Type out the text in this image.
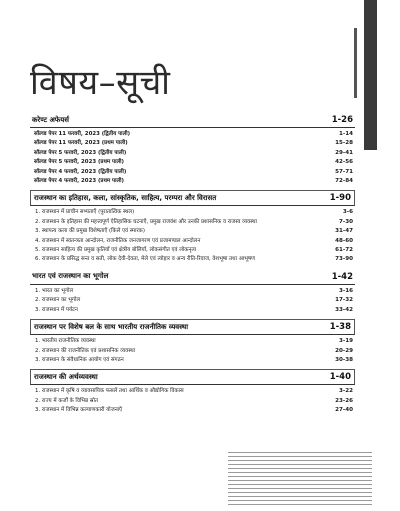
विषय–सूची
करेण्ट अफेयर्स	1-26
सॉल्व्ड पेपर 11 फरवरी, 2023 (द्वितीय पाली)	1-14
सॉल्व्ड पेपर 11 फरवरी, 2023 (प्रथम पाली)	15-28
सॉल्व्ड पेपर 5 फरवरी, 2023 (द्वितीय पाली)	29-41
सॉल्व्ड पेपर 5 फरवरी, 2023 (प्रथम पाली)	42-56
सॉल्व्ड पेपर 4 फरवरी, 2023 (द्वितीय पाली)	57-71
सॉल्व्ड पेपर 4 फरवरी, 2023 (प्रथम पाली)	72-84
राजस्थान का इतिहास, कला, सांस्कृतिक, साहित्य, परम्परा और विरासत	1-90
1. राजस्थान में प्राचीन सभ्यताएँ (पुरातात्विक स्थल)	3-6
2. राजस्थान के इतिहास की महत्त्वपूर्ण ऐतिहासिक घटनाएँ, प्रमुख राजवंश और उनकी प्रशासनिक व राजस्व व्यवस्था	7-30
3. स्थापत्य कला की प्रमुख विशेषताएँ (किले एवं स्मारक)	31-47
4. राजस्थान में स्वतन्त्रता आन्दोलन, राजनीतिक जनजागरण एवं प्रजामण्डल आन्दोलन	48-60
5. राजस्थान साहित्य की प्रमुख कृतियाँ एवं क्षेत्रीय बोलियाँ, लोकसंगीत एवं लोकनृत्य	61-72
6. राजस्थान के प्रसिद्ध सन्त व सती, लोक देवी-देवता, मेले एवं त्योहार व अन्य रीति-रिवाज, वेशभूषा तथा आभूषण	73-90
भारत एवं राजस्थान का भूगोल	1-42
1. भारत का भूगोल	3-16
2. राजस्थान का भूगोल	17-32
3. राजस्थान में पर्यटन	33-42
राजस्थान पर विशेष बल के साथ भारतीय राजनीतिक व्यवस्था	1-38
1. भारतीय राजनीतिक व्यवस्था	3-19
2. राजस्थान की राजनीतिक एवं प्रशासनिक व्यवस्था	20-29
3. राजस्थान के संवैधानिक आयोग एवं संगठन	30-38
राजस्थान की अर्थव्यवस्था	1-40
1. राजस्थान में कृषि व व्यावसायिक फसलें तथा आर्थिक व औद्योगिक विकास	3-22
2. राज्य में कर्जों के विभिन्न स्रोत	23-26
3. राजस्थान में विभिन्न कल्याणकारी योजनाएँ	27-40
